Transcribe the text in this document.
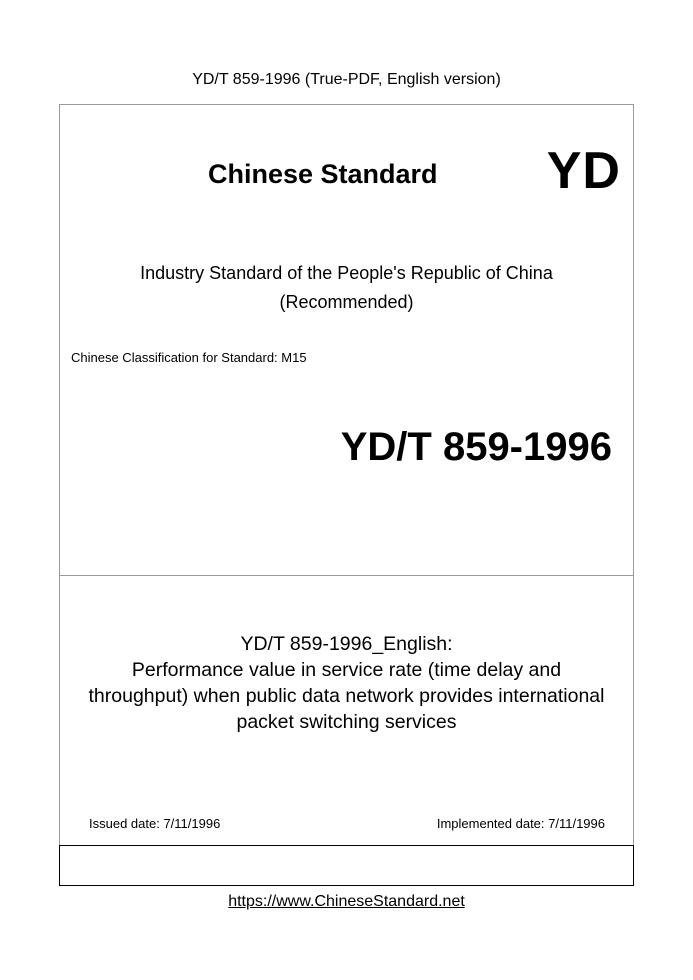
YD/T 859-1996 (True-PDF, English version)
Chinese Standard YD
Industry Standard of the People's Republic of China
(Recommended)
Chinese Classification for Standard: M15
YD/T 859-1996
YD/T 859-1996_English:
Performance value in service rate (time delay and
throughput) when public data network provides international
packet switching services
Issued date: 7/11/1996	Implemented date: 7/11/1996
https://www.ChineseStandard.net
